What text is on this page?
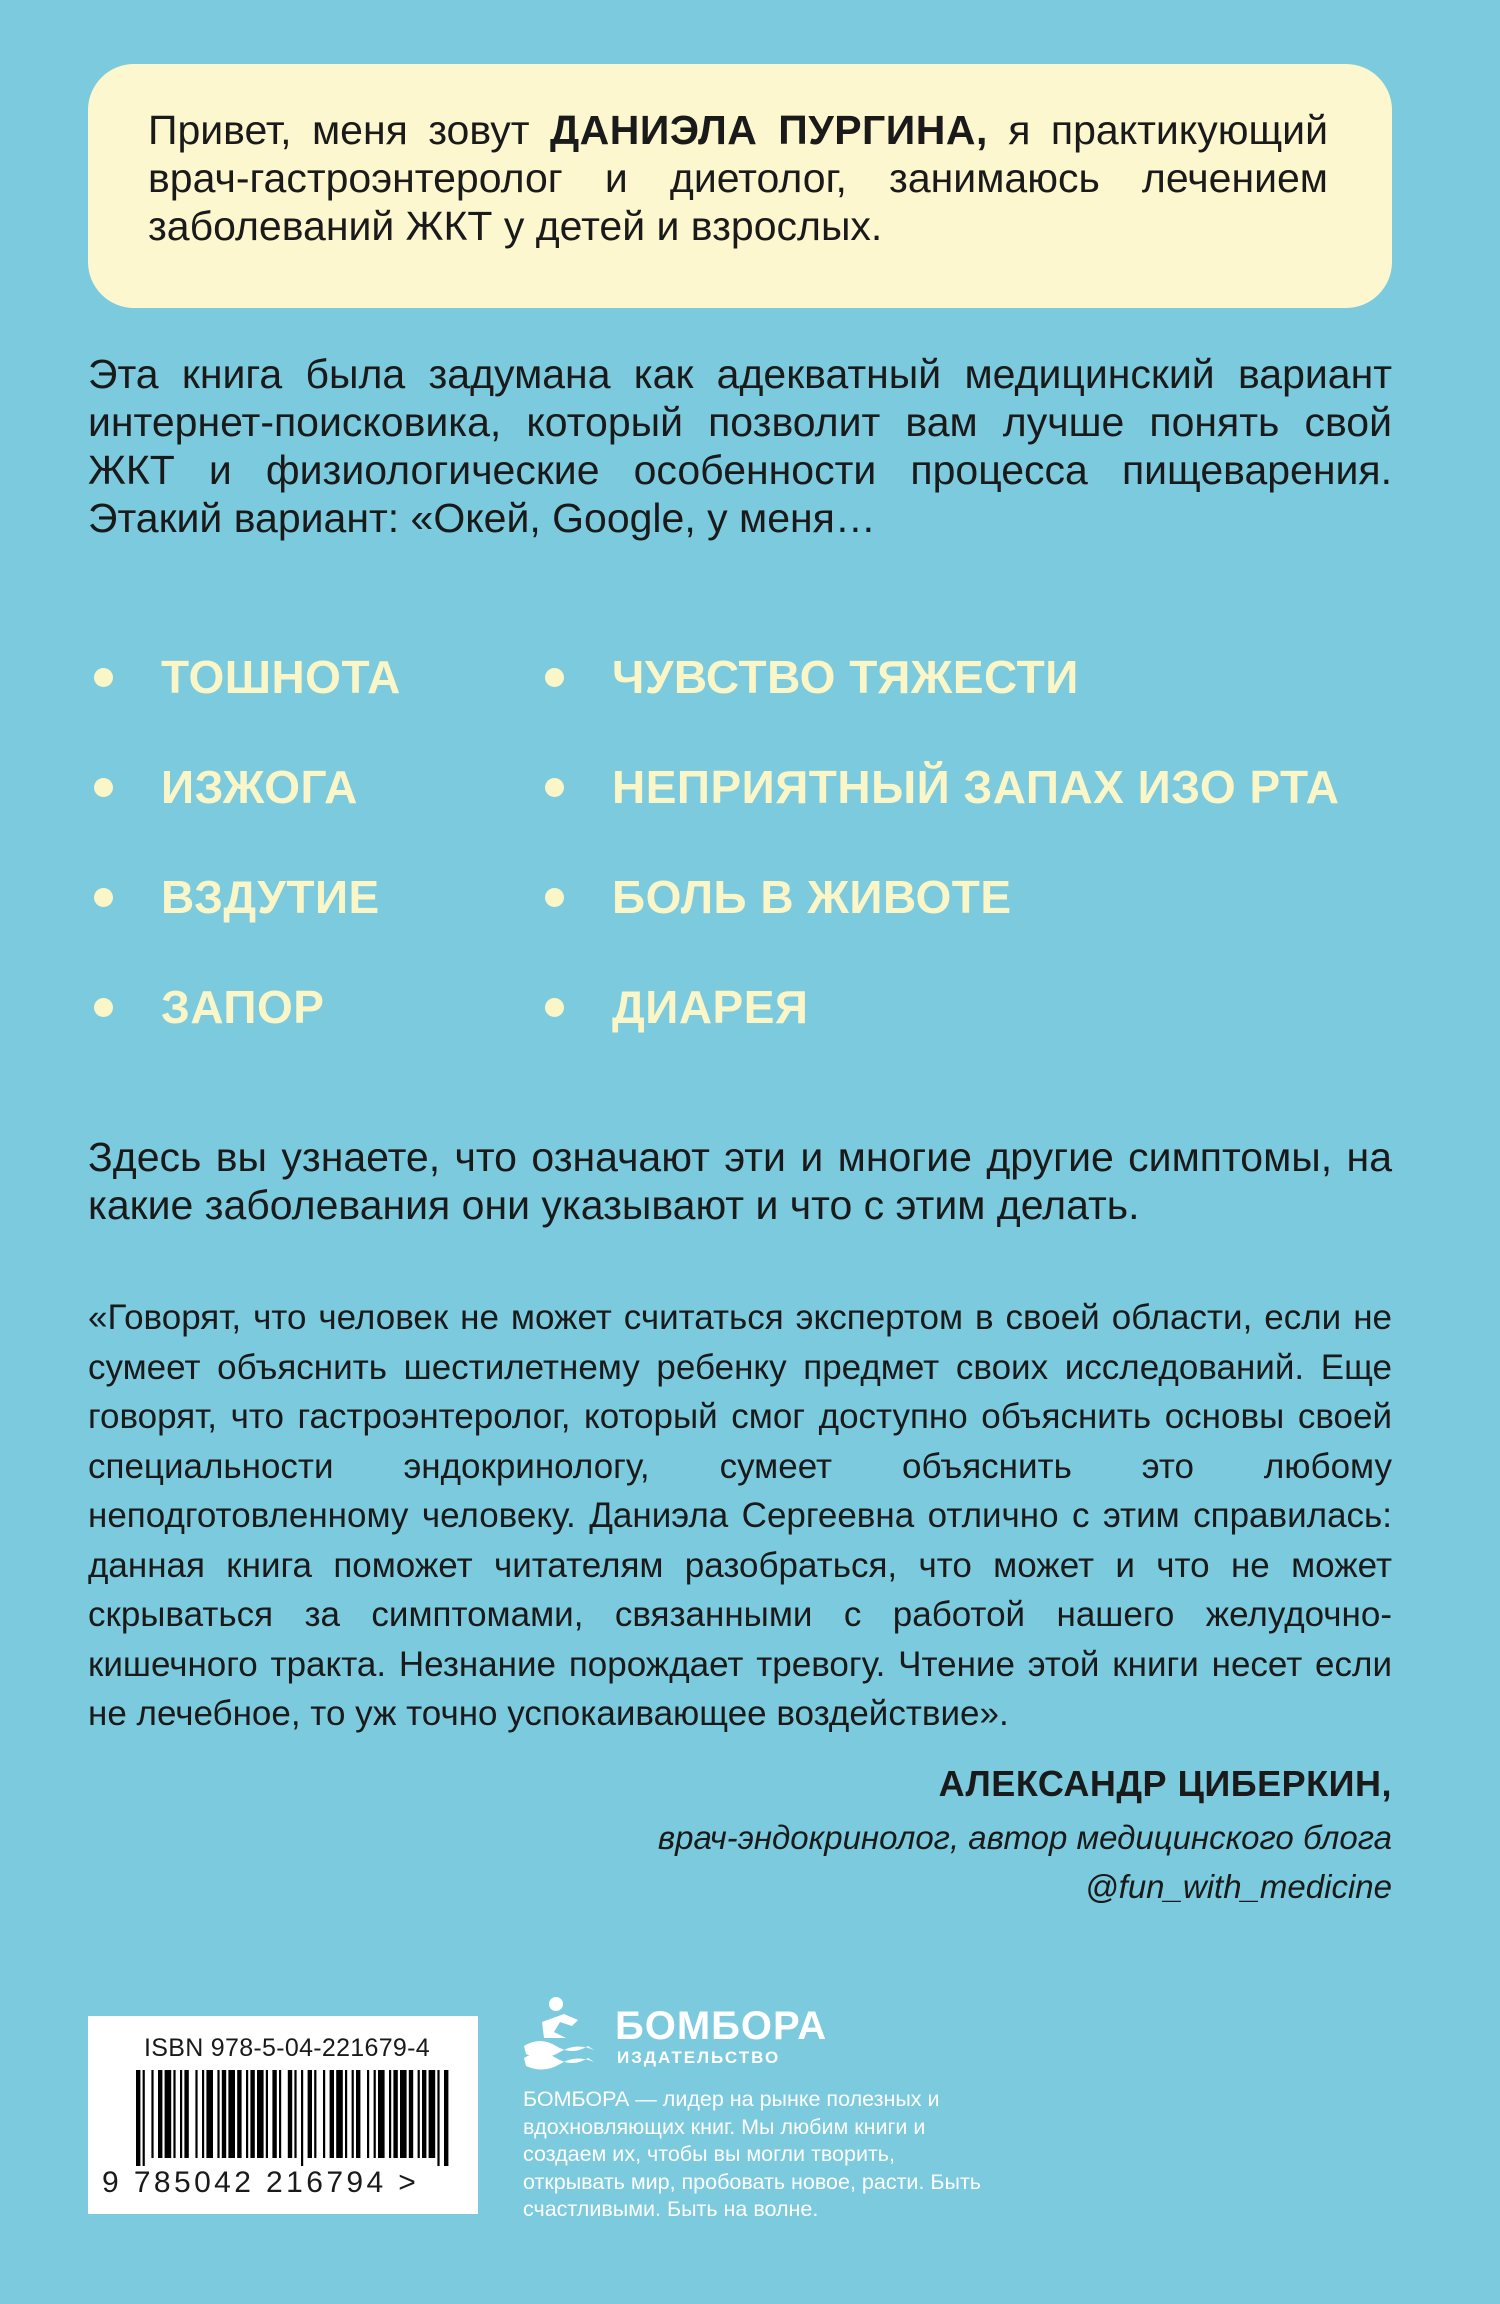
Привет, меня зовут ДАНИЭЛА ПУРГИНА, я практикующий врач-гастроэнтеролог и диетолог, занимаюсь лечением заболеваний ЖКТ у детей и взрослых.

Эта книга была задумана как адекватный медицинский вариант интернет-поисковика, который позволит вам лучше понять свой ЖКТ и физиологические особенности процесса пищеварения. Этакий вариант: «Окей, Google, у меня…

ТОШНОТА
ИЗЖОГА
ВЗДУТИЕ
ЗАПОР
ЧУВСТВО ТЯЖЕСТИ
НЕПРИЯТНЫЙ ЗАПАХ ИЗО РТА
БОЛЬ В ЖИВОТЕ
ДИАРЕЯ

Здесь вы узнаете, что означают эти и многие другие симптомы, на какие заболевания они указывают и что с этим делать.

«Говорят, что человек не может считаться экспертом в своей области, если не сумеет объяснить шестилетнему ребенку предмет своих исследований. Еще говорят, что гастроэнтеролог, который смог доступно объяснить основы своей специальности эндокринологу, сумеет объяснить это любому неподготовленному человеку. Даниэла Сергеевна отлично с этим справилась: данная книга поможет читателям разобраться, что может и что не может скрываться за симптомами, связанными с работой нашего желудочно-кишечного тракта. Незнание порождает тревогу. Чтение этой книги несет если не лечебное, то уж точно успокаивающее воздействие».

АЛЕКСАНДР ЦИБЕРКИН,

врач-эндокринолог, автор медицинского блога

@fun_with_medicine

ISBN 978-5-04-221679-4
9 785042 216794 >
БОМБОРА
ИЗДАТЕЛЬСТВО

БОМБОРА — лидер на рынке полезных и вдохновляющих книг. Мы любим книги и создаем их, чтобы вы могли творить, открывать мир, пробовать новое, расти. Быть счастливыми. Быть на волне.
